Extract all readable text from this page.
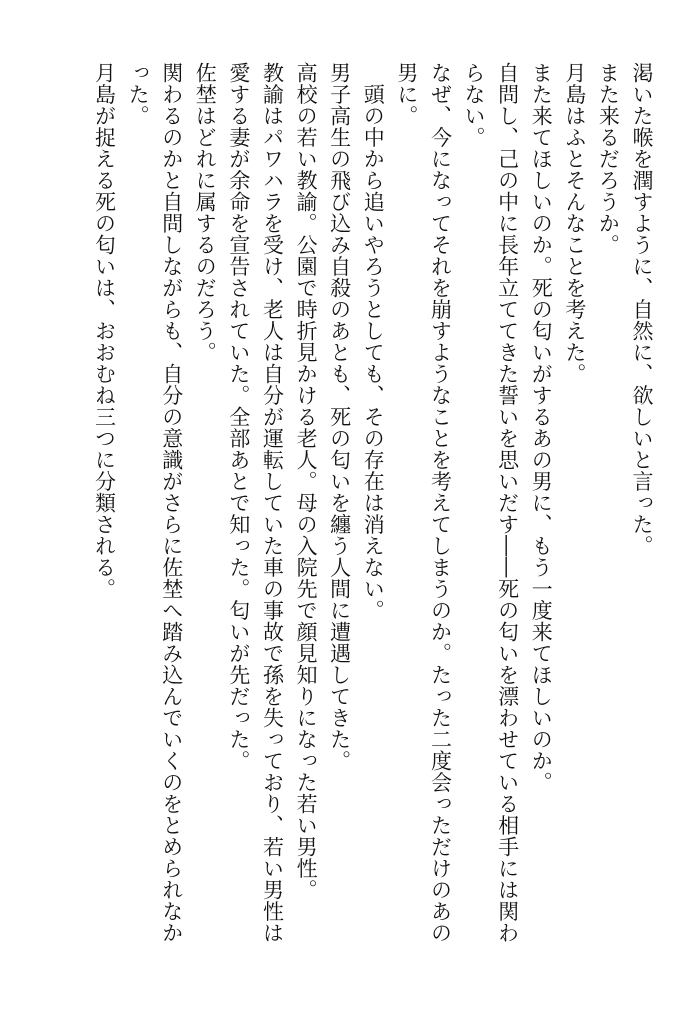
渇いた喉を潤すように、自然に、欲しいと言った。
また来るだろうか。
月島はふとそんなことを考えた。
また来てほしいのか。死の匂いがするあの男に、もう一度来てほしいのか。
自問し、己の中に長年立ててきた誓いを思いだす――死の匂いを漂わせている相手には関わ
らない。
なぜ、今になってそれを崩すようなことを考えてしまうのか。たった二度会っただけのあの
男に。
　頭の中から追いやろうとしても、その存在は消えない。
男子高生の飛び込み自殺のあとも、死の匂いを纏う人間に遭遇してきた。
高校の若い教諭。公園で時折見かける老人。母の入院先で顔見知りになった若い男性。
教諭はパワハラを受け、老人は自分が運転していた車の事故で孫を失っており、若い男性は
愛する妻が余命を宣告されていた。全部あとで知った。匂いが先だった。
佐埜はどれに属するのだろう。
関わるのかと自問しながらも、自分の意識がさらに佐埜へ踏み込んでいくのをとめられなか
った。
月島が捉える死の匂いは、おおむね三つに分類される。
